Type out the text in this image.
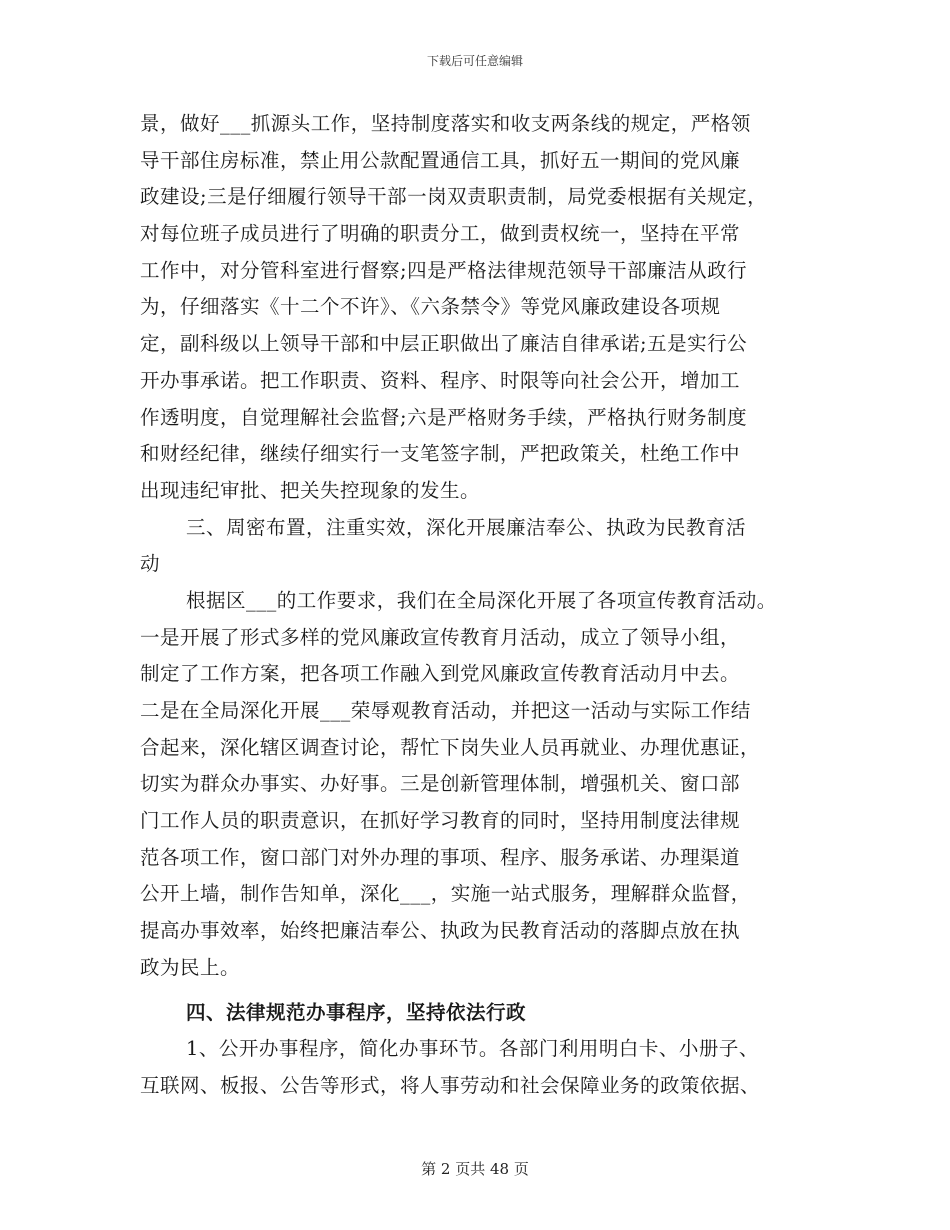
下载后可任意编辑
景，做好___抓源头工作，坚持制度落实和收支两条线的规定，严格领
导干部住房标准，禁止用公款配置通信工具，抓好五一期间的党风廉
政建设;三是仔细履行领导干部一岗双责职责制，局党委根据有关规定，
对每位班子成员进行了明确的职责分工，做到责权统一，坚持在平常
工作中，对分管科室进行督察;四是严格法律规范领导干部廉洁从政行
为，仔细落实《十二个不许》、《六条禁令》等党风廉政建设各项规
定，副科级以上领导干部和中层正职做出了廉洁自律承诺;五是实行公
开办事承诺。把工作职责、资料、程序、时限等向社会公开，增加工
作透明度，自觉理解社会监督;六是严格财务手续，严格执行财务制度
和财经纪律，继续仔细实行一支笔签字制，严把政策关，杜绝工作中
出现违纪审批、把关失控现象的发生。
三、周密布置，注重实效，深化开展廉洁奉公、执政为民教育活
动
根据区___的工作要求，我们在全局深化开展了各项宣传教育活动。
一是开展了形式多样的党风廉政宣传教育月活动，成立了领导小组，
制定了工作方案，把各项工作融入到党风廉政宣传教育活动月中去。
二是在全局深化开展___荣辱观教育活动，并把这一活动与实际工作结
合起来，深化辖区调查讨论，帮忙下岗失业人员再就业、办理优惠证，
切实为群众办事实、办好事。三是创新管理体制，增强机关、窗口部
门工作人员的职责意识，在抓好学习教育的同时，坚持用制度法律规
范各项工作，窗口部门对外办理的事项、程序、服务承诺、办理渠道
公开上墙，制作告知单，深化___，实施一站式服务，理解群众监督，
提高办事效率，始终把廉洁奉公、执政为民教育活动的落脚点放在执
政为民上。
四、法律规范办事程序，坚持依法行政
1、公开办事程序，简化办事环节。各部门利用明白卡、小册子、
互联网、板报、公告等形式，将人事劳动和社会保障业务的政策依据、
第 2 页共 48 页
